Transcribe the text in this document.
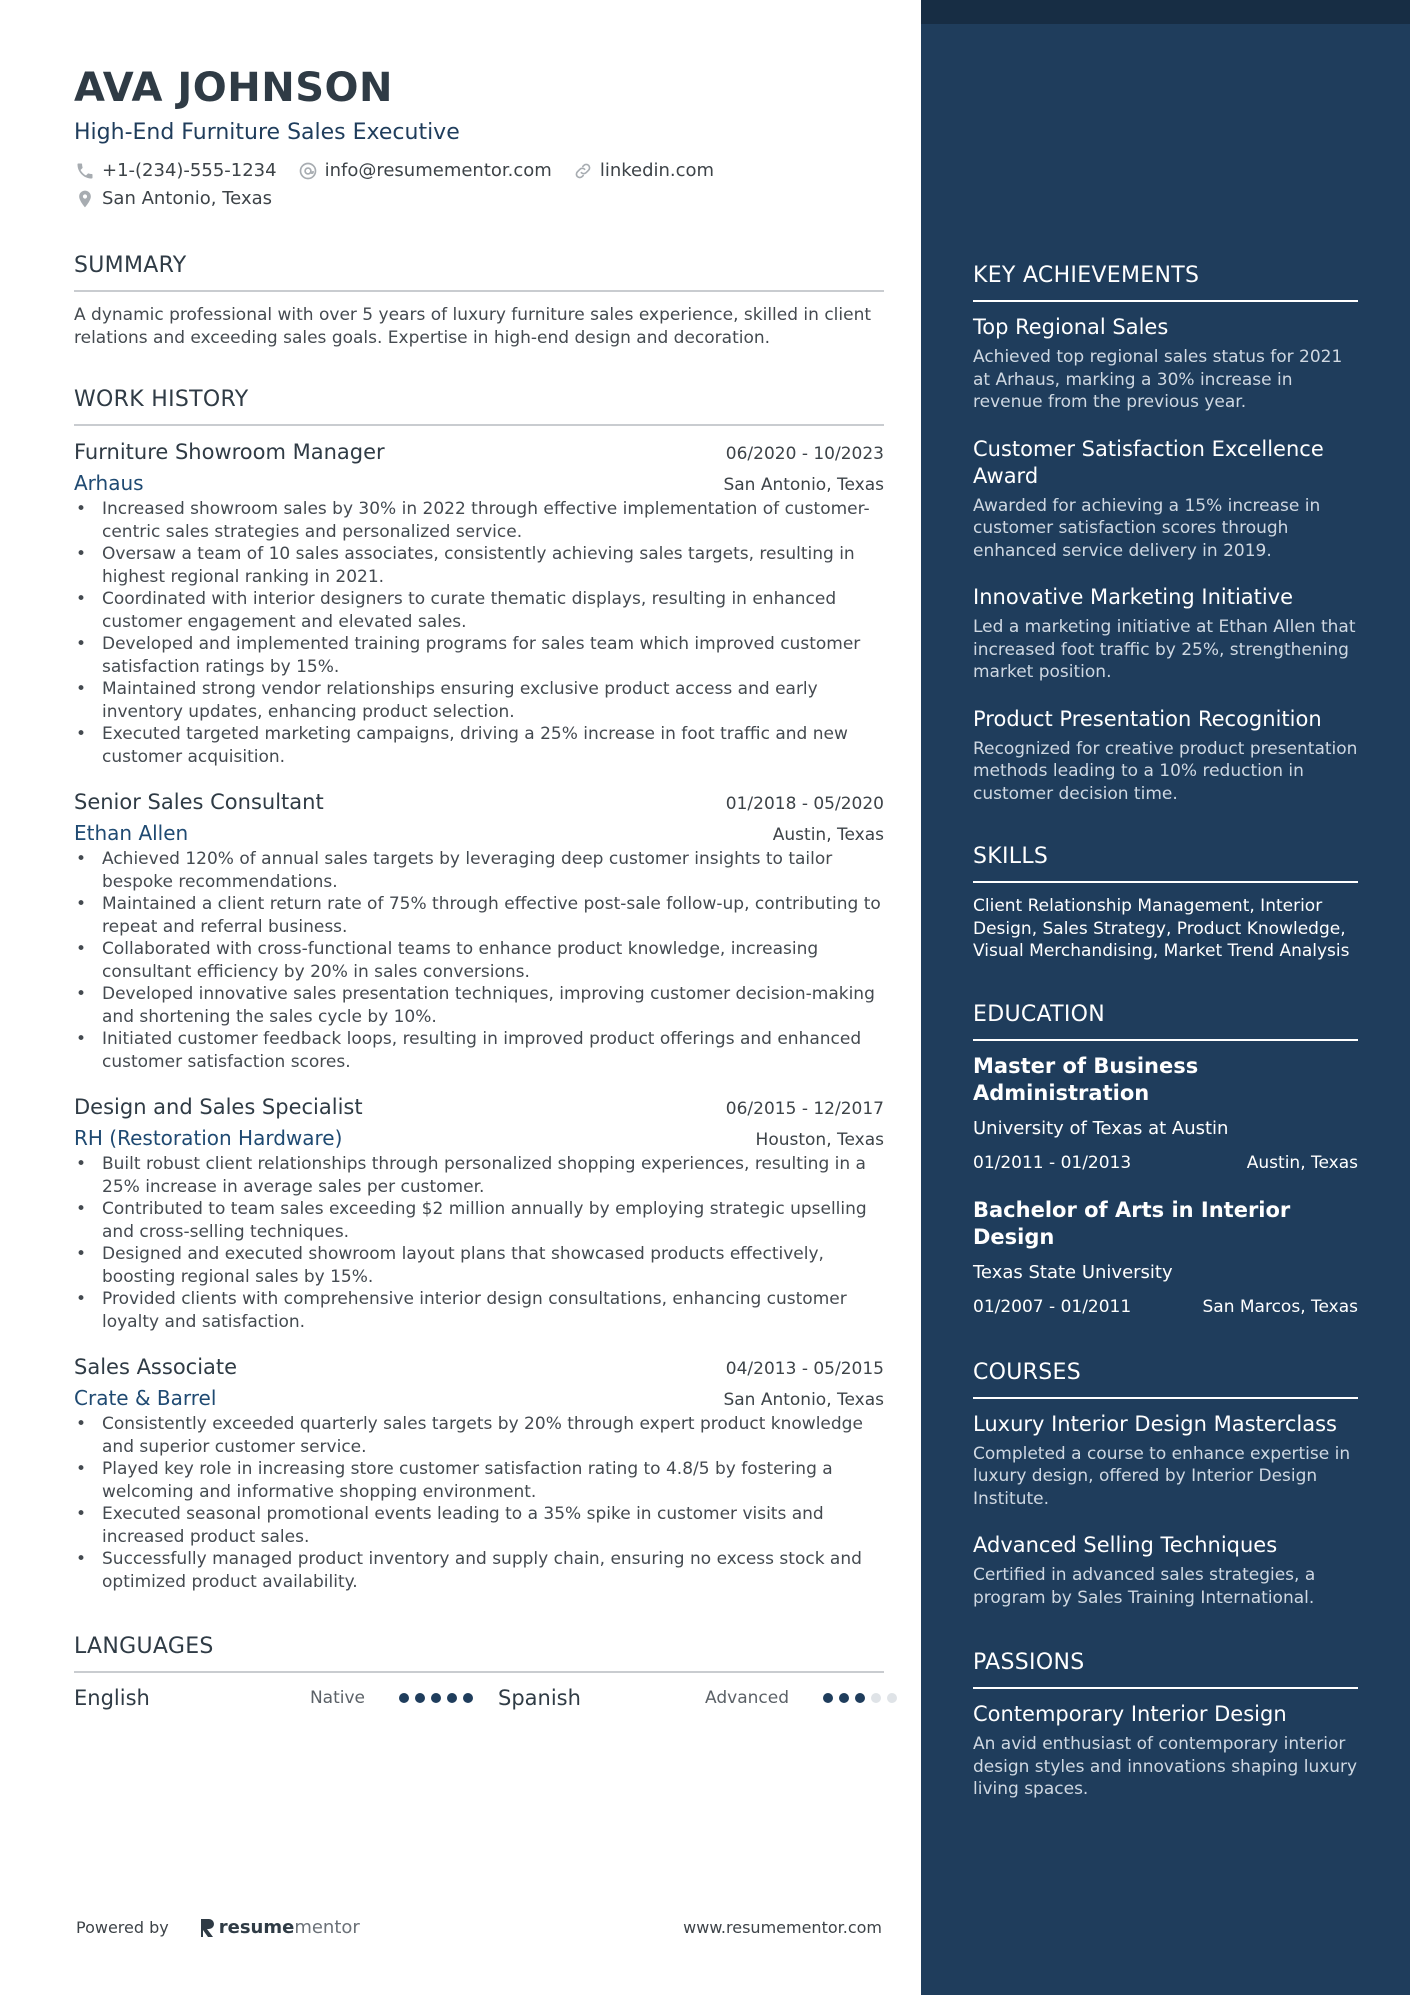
AVA JOHNSON
High-End Furniture Sales Executive
+1-(234)-555-1234	info@resumementor.com	linkedin.com
San Antonio, Texas
SUMMARY
A dynamic professional with over 5 years of luxury furniture sales experience, skilled in client relations and exceeding sales goals. Expertise in high-end design and decoration.
WORK HISTORY
Furniture Showroom Manager	06/2020 - 10/2023
Arhaus	San Antonio, Texas
• Increased showroom sales by 30% in 2022 through effective implementation of customer-centric sales strategies and personalized service.
• Oversaw a team of 10 sales associates, consistently achieving sales targets, resulting in highest regional ranking in 2021.
• Coordinated with interior designers to curate thematic displays, resulting in enhanced customer engagement and elevated sales.
• Developed and implemented training programs for sales team which improved customer satisfaction ratings by 15%.
• Maintained strong vendor relationships ensuring exclusive product access and early inventory updates, enhancing product selection.
• Executed targeted marketing campaigns, driving a 25% increase in foot traffic and new customer acquisition.
Senior Sales Consultant	01/2018 - 05/2020
Ethan Allen	Austin, Texas
• Achieved 120% of annual sales targets by leveraging deep customer insights to tailor bespoke recommendations.
• Maintained a client return rate of 75% through effective post-sale follow-up, contributing to repeat and referral business.
• Collaborated with cross-functional teams to enhance product knowledge, increasing consultant efficiency by 20% in sales conversions.
• Developed innovative sales presentation techniques, improving customer decision-making and shortening the sales cycle by 10%.
• Initiated customer feedback loops, resulting in improved product offerings and enhanced customer satisfaction scores.
Design and Sales Specialist	06/2015 - 12/2017
RH (Restoration Hardware)	Houston, Texas
• Built robust client relationships through personalized shopping experiences, resulting in a 25% increase in average sales per customer.
• Contributed to team sales exceeding $2 million annually by employing strategic upselling and cross-selling techniques.
• Designed and executed showroom layout plans that showcased products effectively, boosting regional sales by 15%.
• Provided clients with comprehensive interior design consultations, enhancing customer loyalty and satisfaction.
Sales Associate	04/2013 - 05/2015
Crate & Barrel	San Antonio, Texas
• Consistently exceeded quarterly sales targets by 20% through expert product knowledge and superior customer service.
• Played key role in increasing store customer satisfaction rating to 4.8/5 by fostering a welcoming and informative shopping environment.
• Executed seasonal promotional events leading to a 35% spike in customer visits and increased product sales.
• Successfully managed product inventory and supply chain, ensuring no excess stock and optimized product availability.
LANGUAGES
English	Native	Spanish	Advanced
Powered by	resume mentor	www.resumementor.com
KEY ACHIEVEMENTS
Top Regional Sales
Achieved top regional sales status for 2021 at Arhaus, marking a 30% increase in revenue from the previous year.
Customer Satisfaction Excellence Award
Awarded for achieving a 15% increase in customer satisfaction scores through enhanced service delivery in 2019.
Innovative Marketing Initiative
Led a marketing initiative at Ethan Allen that increased foot traffic by 25%, strengthening market position.
Product Presentation Recognition
Recognized for creative product presentation methods leading to a 10% reduction in customer decision time.
SKILLS
Client Relationship Management, Interior Design, Sales Strategy, Product Knowledge, Visual Merchandising, Market Trend Analysis
EDUCATION
Master of Business Administration
University of Texas at Austin
01/2011 - 01/2013	Austin, Texas
Bachelor of Arts in Interior Design
Texas State University
01/2007 - 01/2011	San Marcos, Texas
COURSES
Luxury Interior Design Masterclass
Completed a course to enhance expertise in luxury design, offered by Interior Design Institute.
Advanced Selling Techniques
Certified in advanced sales strategies, a program by Sales Training International.
PASSIONS
Contemporary Interior Design
An avid enthusiast of contemporary interior design styles and innovations shaping luxury living spaces.
